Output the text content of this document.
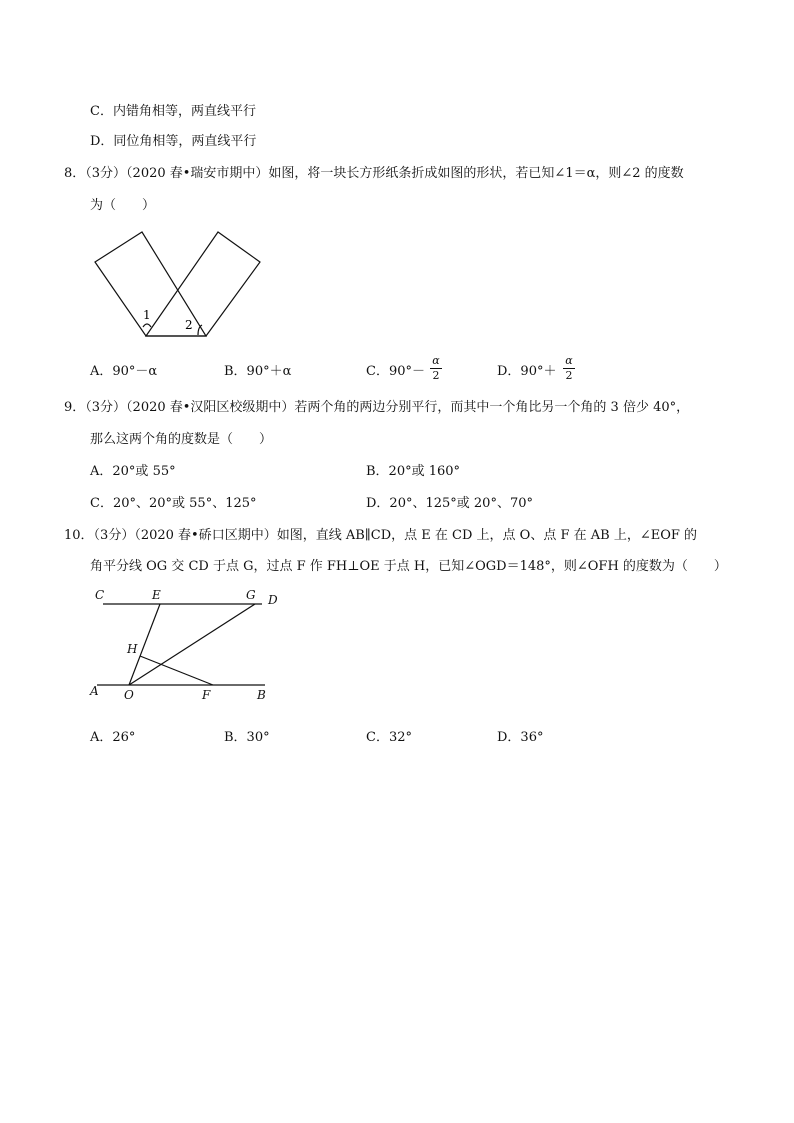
C．内错角相等，两直线平行
D．同位角相等，两直线平行
8．（3分）（2020 春•瑞安市期中）如图，将一块长方形纸条折成如图的形状，若已知∠1＝α，则∠2 的度数
为（　　）
1
2
A．90°－α	B．90°＋α	C．90°－
α
2	D．90°＋
α
2
9．（3分）（2020 春•汉阳区校级期中）若两个角的两边分别平行，而其中一个角比另一个角的 3 倍少 40°，
那么这两个角的度数是（　　）
A．20°或 55°	B．20°或 160°
C．20°、20°或 55°、125°	D．20°、125°或 20°、70°
10．（3分）（2020 春•硚口区期中）如图，直线 AB∥CD，点 E 在 CD 上，点 O、点 F 在 AB 上，∠EOF 的
角平分线 OG 交 CD 于点 G，过点 F 作 FH⊥OE 于点 H，已知∠OGD＝148°，则∠OFH 的度数为（　　）
C	E	G D
H
A O	F	B
A．26°	B．30°	C．32°	D．36°
